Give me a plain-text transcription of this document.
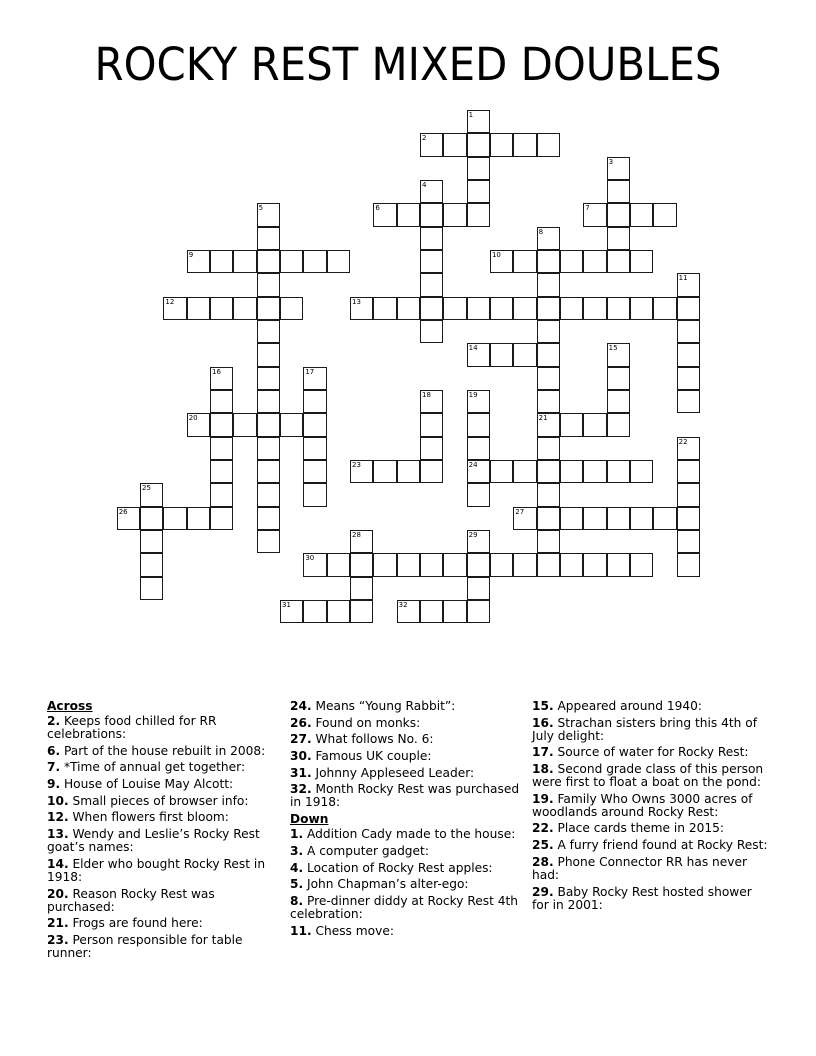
ROCKY REST MIXED DOUBLES
1
2
3
4
5	6	7
8
21
9	10
11
12	13
14	15
16	17
18	19
24
20
22
23
25
26	27
28	29
30
31	32
Across
2. Keeps food chilled for RR celebrations:
6. Part of the house rebuilt in 2008:
7. *Time of annual get together:
9. House of Louise May Alcott:
10. Small pieces of browser info:
12. When flowers first bloom:
13. Wendy and Leslie’s Rocky Rest goat’s names:
14. Elder who bought Rocky Rest in 1918:
20. Reason Rocky Rest was purchased:
21. Frogs are found here:
23. Person responsible for table runner:
24. Means “Young Rabbit”:
26. Found on monks:
27. What follows No. 6:
30. Famous UK couple:
31. Johnny Appleseed Leader:
32. Month Rocky Rest was purchased in 1918:
Down
1. Addition Cady made to the house:
3. A computer gadget:
4. Location of Rocky Rest apples:
5. John Chapman’s alter-ego:
8. Pre-dinner diddy at Rocky Rest 4th celebration:
11. Chess move:
15. Appeared around 1940:
16. Strachan sisters bring this 4th of July delight:
17. Source of water for Rocky Rest:
18. Second grade class of this person were first to float a boat on the pond:
19. Family Who Owns 3000 acres of woodlands around Rocky Rest:
22. Place cards theme in 2015:
25. A furry friend found at Rocky Rest:
28. Phone Connector RR has never had:
29. Baby Rocky Rest hosted shower for in 2001:
